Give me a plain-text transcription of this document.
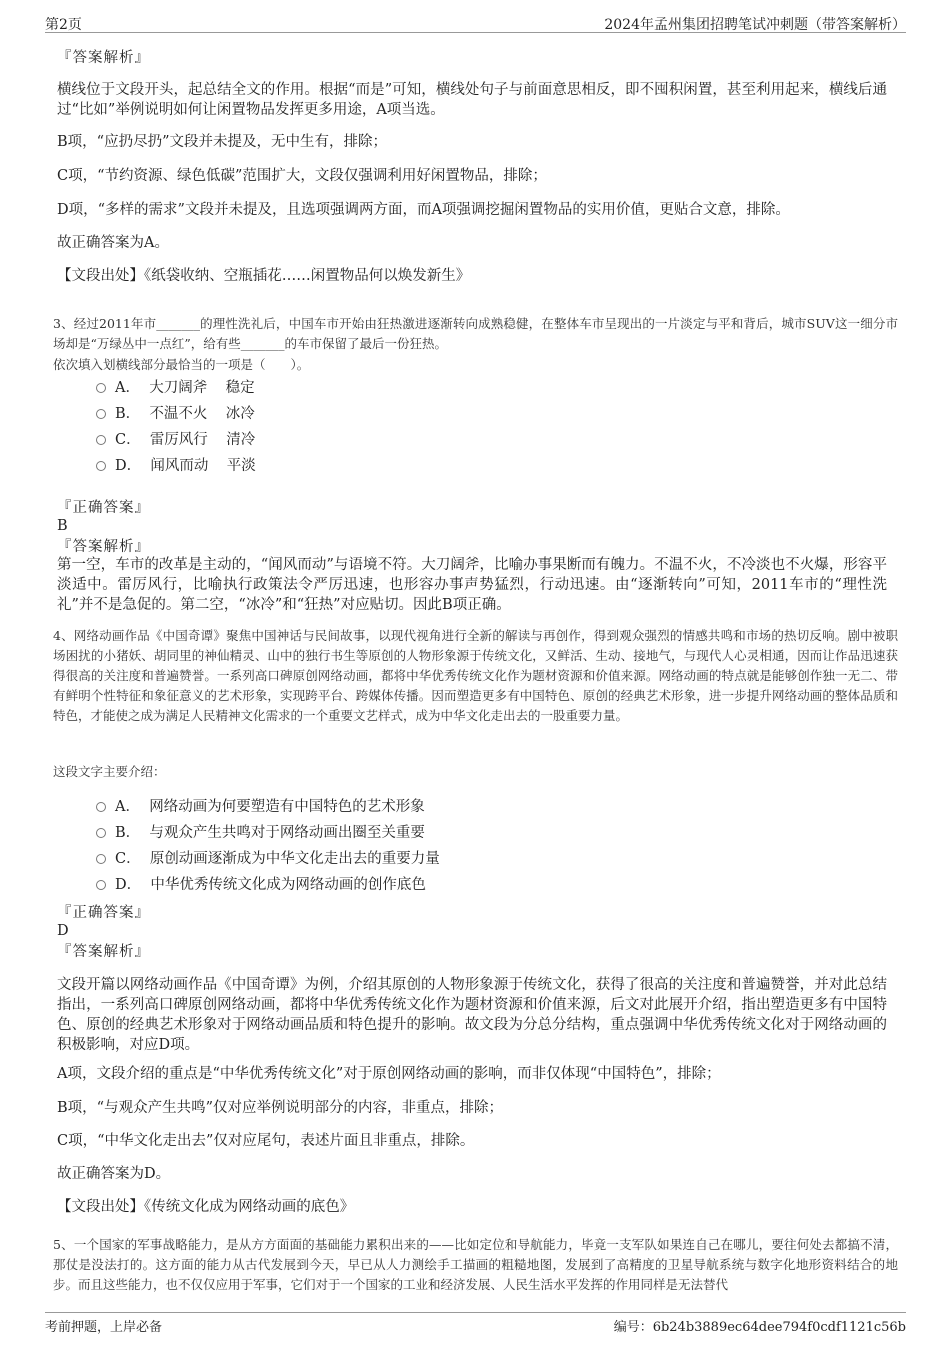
第2页	2024年孟州集团招聘笔试冲刺题（带答案解析）
『答案解析』
横线位于文段开头，起总结全文的作用。根据“而是”可知，横线处句子与前面意思相反，即不囤积闲置，甚至利用起来，横线后通过“比如”举例说明如何让闲置物品发挥更多用途，A项当选。
B项，“应扔尽扔”文段并未提及，无中生有，排除；
C项，“节约资源、绿色低碳”范围扩大，文段仅强调利用好闲置物品，排除；
D项，“多样的需求”文段并未提及，且选项强调两方面，而A项强调挖掘闲置物品的实用价值，更贴合文意，排除。
故正确答案为A。
【文段出处】《纸袋收纳、空瓶插花……闲置物品何以焕发新生》
3、经过2011年市_______的理性洗礼后，中国车市开始由狂热激进逐渐转向成熟稳健，在整体车市呈现出的一片淡定与平和背后，城市SUV这一细分市场却是“万绿丛中一点红”，给有些_______的车市保留了最后一份狂热。
依次填入划横线部分最恰当的一项是（　　）。
A．  大刀阔斧    稳定
B．  不温不火    冰冷
C．  雷厉风行    清冷
D．  闻风而动    平淡
『正确答案』
B
『答案解析』
第一空，车市的改革是主动的，“闻风而动”与语境不符。大刀阔斧，比喻办事果断而有魄力。不温不火，不冷淡也不火爆，形容平淡适中。雷厉风行，比喻执行政策法令严厉迅速，也形容办事声势猛烈，行动迅速。由“逐渐转向”可知，2011车市的“理性洗礼”并不是急促的。第二空，“冰冷”和“狂热”对应贴切。因此B项正确。
4、网络动画作品《中国奇谭》聚焦中国神话与民间故事，以现代视角进行全新的解读与再创作，得到观众强烈的情感共鸣和市场的热切反响。剧中被职场困扰的小猪妖、胡同里的神仙精灵、山中的独行书生等原创的人物形象源于传统文化，又鲜活、生动、接地气，与现代人心灵相通，因而让作品迅速获得很高的关注度和普遍赞誉。一系列高口碑原创网络动画，都将中华优秀传统文化作为题材资源和价值来源。网络动画的特点就是能够创作独一无二、带有鲜明个性特征和象征意义的艺术形象，实现跨平台、跨媒体传播。因而塑造更多有中国特色、原创的经典艺术形象，进一步提升网络动画的整体品质和特色，才能使之成为满足人民精神文化需求的一个重要文艺样式，成为中华文化走出去的一股重要力量。
这段文字主要介绍：
A．  网络动画为何要塑造有中国特色的艺术形象
B．  与观众产生共鸣对于网络动画出圈至关重要
C．  原创动画逐渐成为中华文化走出去的重要力量
D．  中华优秀传统文化成为网络动画的创作底色
『正确答案』
D
『答案解析』
文段开篇以网络动画作品《中国奇谭》为例，介绍其原创的人物形象源于传统文化，获得了很高的关注度和普遍赞誉，并对此总结指出，一系列高口碑原创网络动画，都将中华优秀传统文化作为题材资源和价值来源，后文对此展开介绍，指出塑造更多有中国特色、原创的经典艺术形象对于网络动画品质和特色提升的影响。故文段为分总分结构，重点强调中华优秀传统文化对于网络动画的积极影响，对应D项。
A项，文段介绍的重点是“中华优秀传统文化”对于原创网络动画的影响，而非仅体现“中国特色”，排除；
B项，“与观众产生共鸣”仅对应举例说明部分的内容，非重点，排除；
C项，“中华文化走出去”仅对应尾句，表述片面且非重点，排除。
故正确答案为D。
【文段出处】《传统文化成为网络动画的底色》
5、一个国家的军事战略能力，是从方方面面的基础能力累积出来的——比如定位和导航能力，毕竟一支军队如果连自己在哪儿，要往何处去都搞不清，那仗是没法打的。这方面的能力从古代发展到今天，早已从人力测绘手工描画的粗糙地图，发展到了高精度的卫星导航系统与数字化地形资料结合的地步。而且这些能力，也不仅仅应用于军事，它们对于一个国家的工业和经济发展、人民生活水平发挥的作用同样是无法替代
考前押题，上岸必备	编号：6b24b3889ec64dee794f0cdf1121c56b
